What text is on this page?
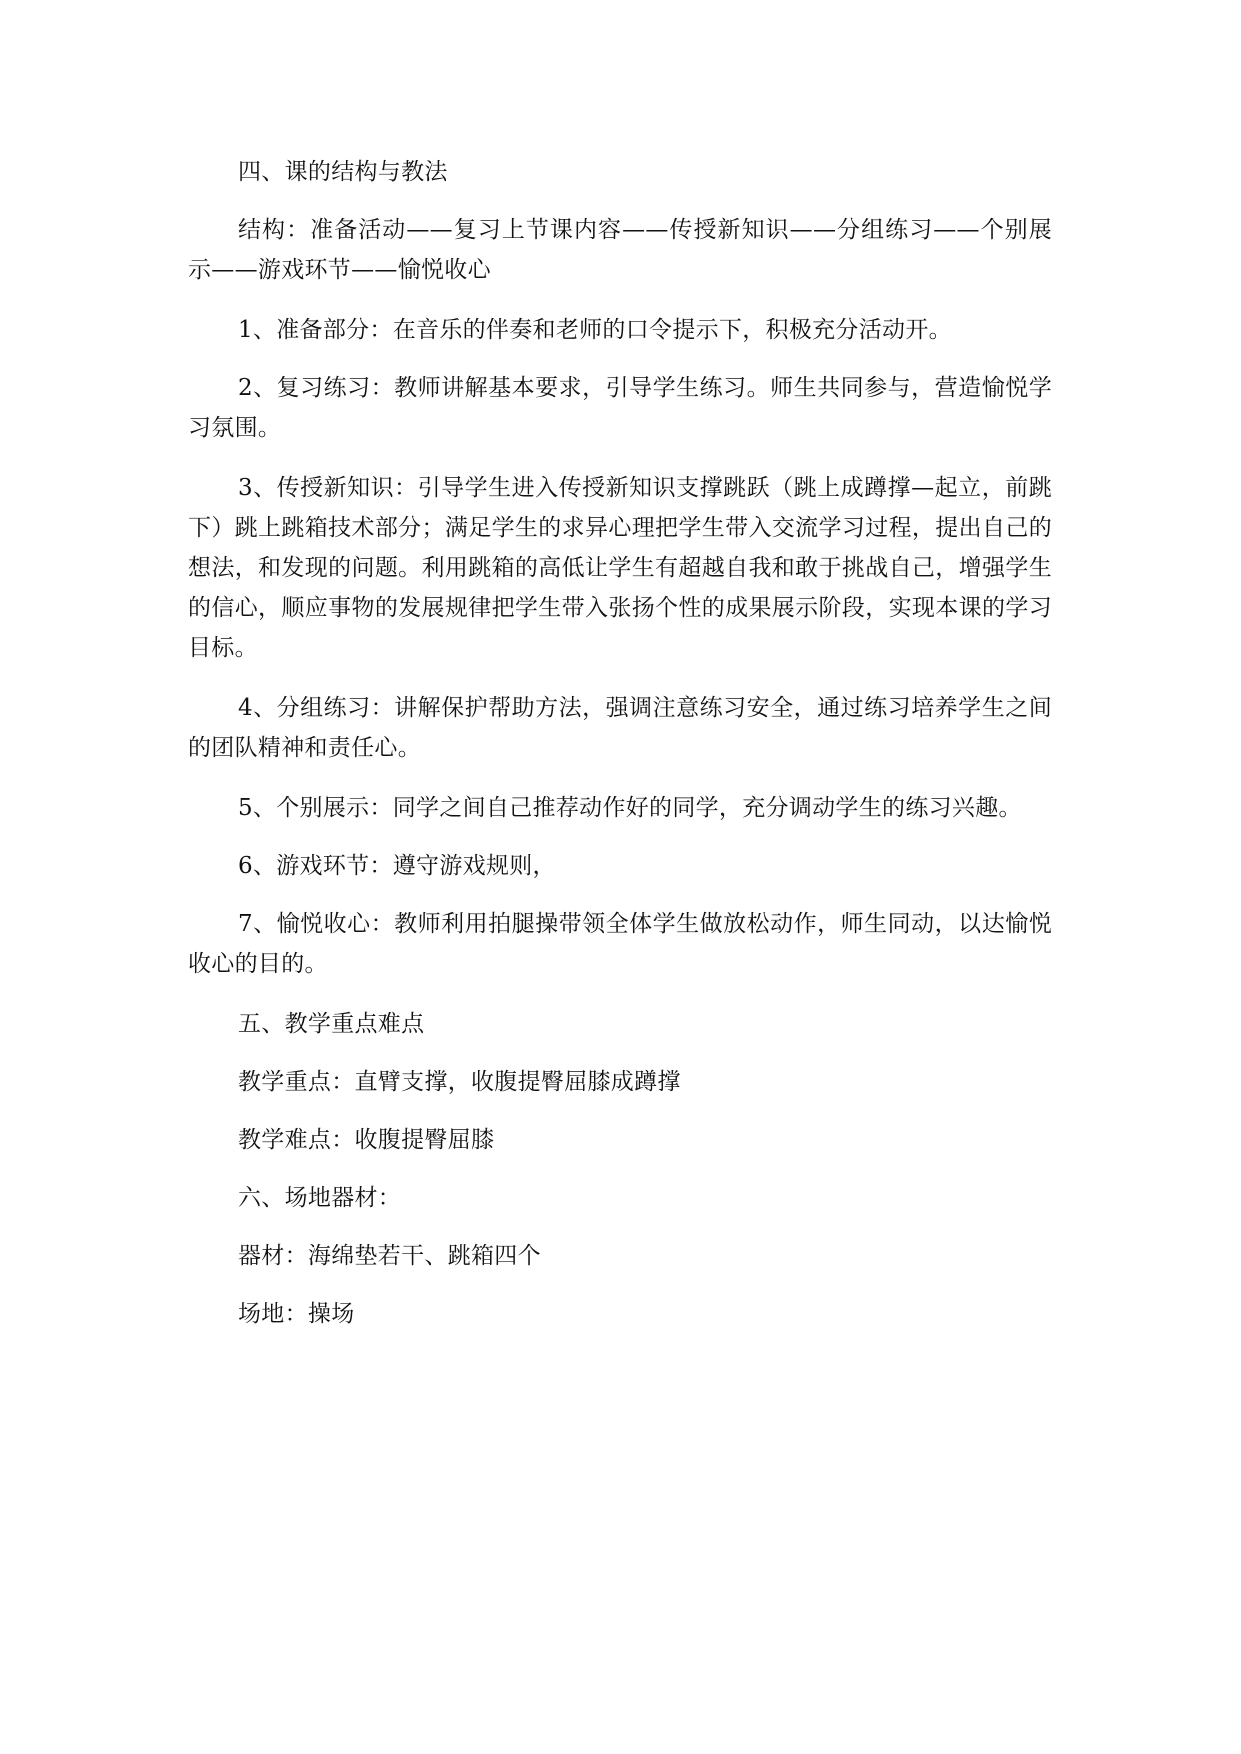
四、课的结构与教法

结构：准备活动——复习上节课内容——传授新知识——分组练习——个别展示——游戏环节——愉悦收心

1、准备部分：在音乐的伴奏和老师的口令提示下，积极充分活动开。

2、复习练习：教师讲解基本要求，引导学生练习。师生共同参与，营造愉悦学习氛围。

3、传授新知识：引导学生进入传授新知识支撑跳跃（跳上成蹲撑—起立，前跳下）跳上跳箱技术部分；满足学生的求异心理把学生带入交流学习过程，提出自己的想法，和发现的问题。利用跳箱的高低让学生有超越自我和敢于挑战自己，增强学生的信心，顺应事物的发展规律把学生带入张扬个性的成果展示阶段，实现本课的学习目标。

4、分组练习：讲解保护帮助方法，强调注意练习安全，通过练习培养学生之间的团队精神和责任心。

5、个别展示：同学之间自己推荐动作好的同学，充分调动学生的练习兴趣。

6、游戏环节：遵守游戏规则，

7、愉悦收心：教师利用拍腿操带领全体学生做放松动作，师生同动，以达愉悦收心的目的。

五、教学重点难点

教学重点：直臂支撑，收腹提臀屈膝成蹲撑

教学难点：收腹提臀屈膝

六、场地器材：

器材：海绵垫若干、跳箱四个

场地：操场
